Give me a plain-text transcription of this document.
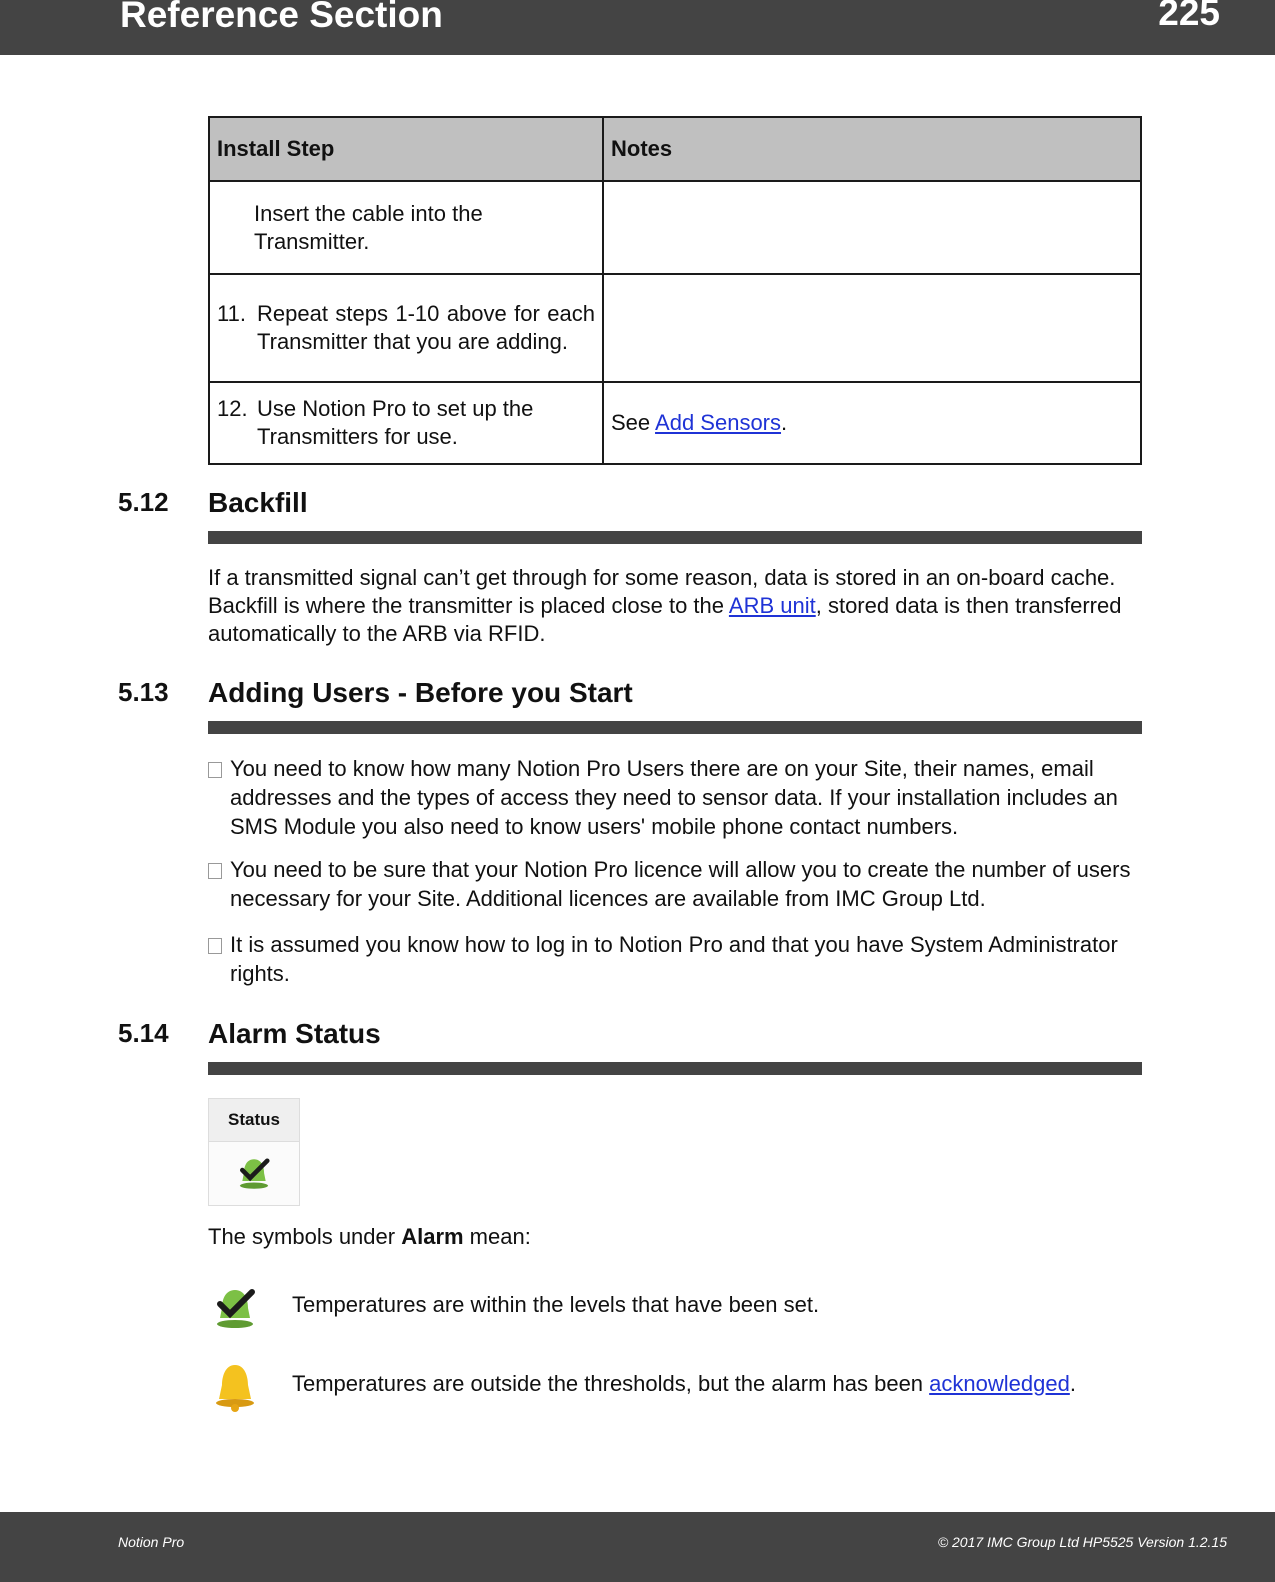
Reference Section	225
Install Step	Notes

Insert the cable into the Transmitter.	

11. Repeat steps 1-10 above for each Transmitter that you are adding.	

12. Use Notion Pro to set up the Transmitters for use.	See Add Sensors.
5.12 Backfill
If a transmitted signal can’t get through for some reason, data is stored in an on-board cache. Backfill is where the transmitter is placed close to the ARB unit, stored data is then transferred automatically to the ARB via RFID.
5.13 Adding Users - Before you Start
You need to know how many Notion Pro Users there are on your Site, their names, email addresses and the types of access they need to sensor data. If your installation includes an SMS Module you also need to know users' mobile phone contact numbers.
You need to be sure that your Notion Pro licence will allow you to create the number of users necessary for your Site. Additional licences are available from IMC Group Ltd.
It is assumed you know how to log in to Notion Pro and that you have System Administrator rights.
5.14 Alarm Status
Status
The symbols under Alarm mean:
Temperatures are within the levels that have been set.
Temperatures are outside the thresholds, but the alarm has been acknowledged.
Notion Pro	© 2017 IMC Group Ltd HP5525 Version 1.2.15
